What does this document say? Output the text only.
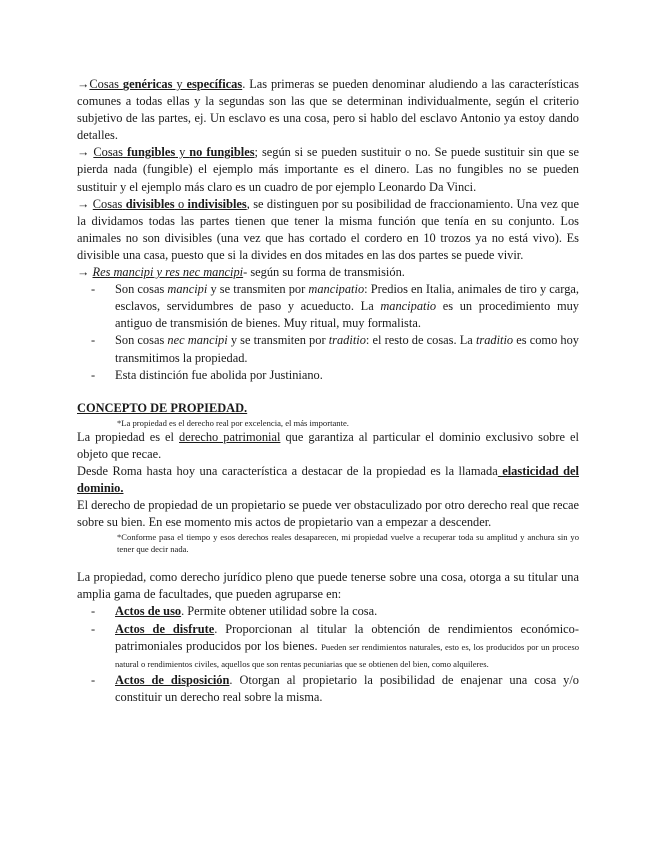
→Cosas genéricas y específicas. Las primeras se pueden denominar aludiendo a las características comunes a todas ellas y la segundas son las que se determinan individualmente, según el criterio subjetivo de las partes, ej. Un esclavo es una cosa, pero si hablo del esclavo Antonio ya estoy dando detalles.

→ Cosas fungibles y no fungibles; según si se pueden sustituir o no. Se puede sustituir sin que se pierda nada (fungible) el ejemplo más importante es el dinero. Las no fungibles no se pueden sustituir y el ejemplo más claro es un cuadro de por ejemplo Leonardo Da Vinci.

→ Cosas divisibles o indivisibles, se distinguen por su posibilidad de fraccionamiento. Una vez que la dividamos todas las partes tienen que tener la misma función que tenía en su conjunto. Los animales no son divisibles (una vez que has cortado el cordero en 10 trozos ya no está vivo). Es divisible una casa, puesto que si la divides en dos mitades en las dos partes se puede vivir.

→ Res mancipi y res nec mancipi- según su forma de transmisión.

- Son cosas mancipi y se transmiten por mancipatio: Predios en Italia, animales de tiro y carga, esclavos, servidumbres de paso y acueducto. La mancipatio es un procedimiento muy antiguo de transmisión de bienes. Muy ritual, muy formalista.
- Son cosas nec mancipi y se transmiten por traditio: el resto de cosas. La traditio es como hoy transmitimos la propiedad.
- Esta distinción fue abolida por Justiniano.
CONCEPTO DE PROPIEDAD.

*La propiedad es el derecho real por excelencia, el más importante.

La propiedad es el derecho patrimonial que garantiza al particular el dominio exclusivo sobre el objeto que recae.

Desde Roma hasta hoy una característica a destacar de la propiedad es la llamada elasticidad del dominio.

El derecho de propiedad de un propietario se puede ver obstaculizado por otro derecho real que recae sobre su bien. En ese momento mis actos de propietario van a empezar a descender.

*Conforme pasa el tiempo y esos derechos reales desaparecen, mi propiedad vuelve a recuperar toda su amplitud y anchura sin yo tener que decir nada.

La propiedad, como derecho jurídico pleno que puede tenerse sobre una cosa, otorga a su titular una amplia gama de facultades, que pueden agruparse en:

- Actos de uso. Permite obtener utilidad sobre la cosa.
- Actos de disfrute. Proporcionan al titular la obtención de rendimientos económico-patrimoniales producidos por los bienes. Pueden ser rendimientos naturales, esto es, los producidos por un proceso natural o rendimientos civiles, aquellos que son rentas pecuniarias que se obtienen del bien, como alquileres.
- Actos de disposición. Otorgan al propietario la posibilidad de enajenar una cosa y/o constituir un derecho real sobre la misma.
